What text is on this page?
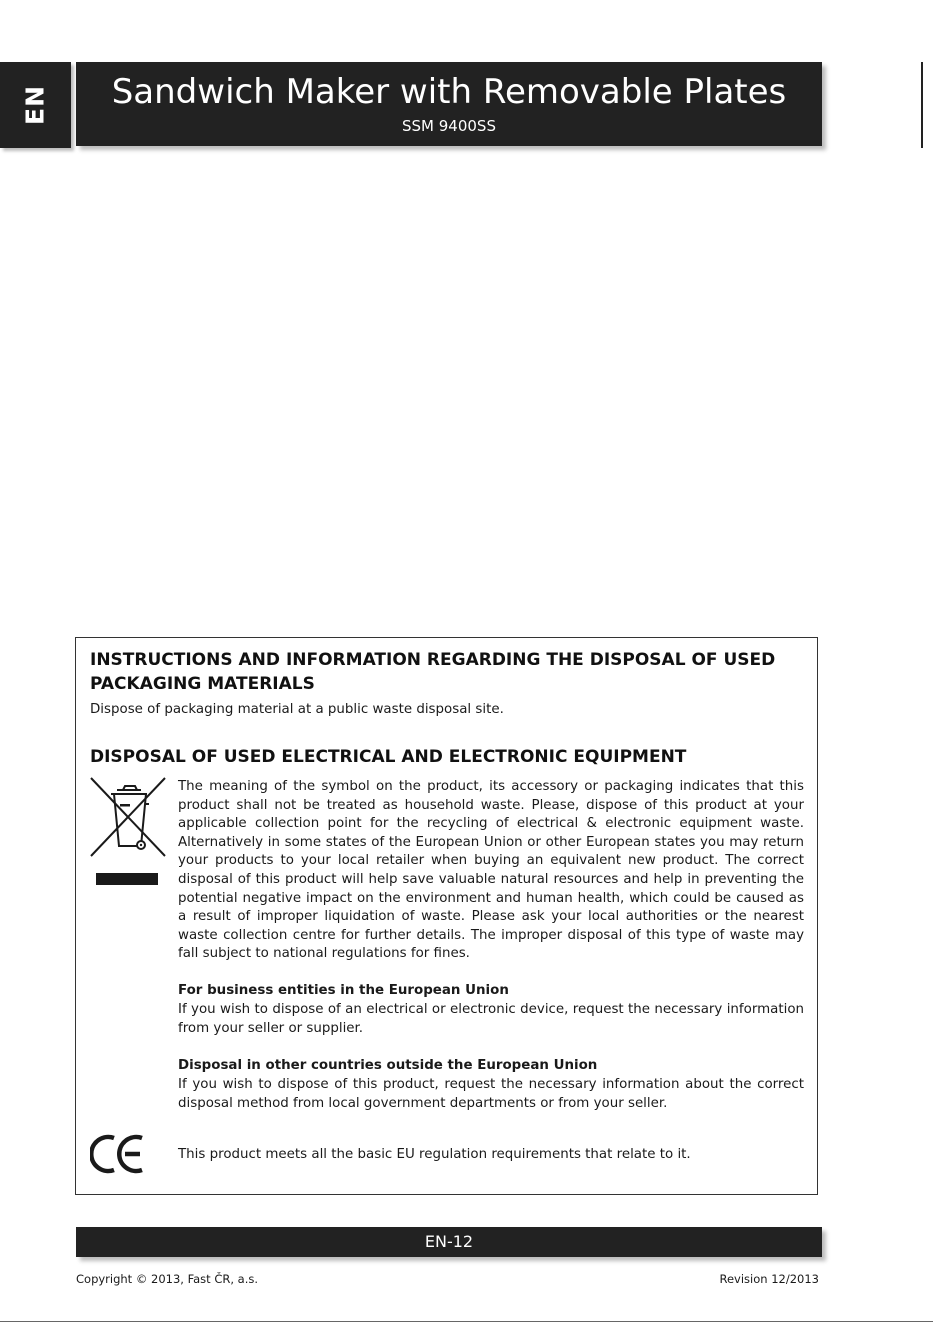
EN	Sandwich Maker with Removable Plates
SSM 9400SS
INSTRUCTIONS AND INFORMATION REGARDING THE DISPOSAL OF USED
PACKAGING MATERIALS
Dispose of packaging material at a public waste disposal site.
DISPOSAL OF USED ELECTRICAL AND ELECTRONIC EQUIPMENT
The meaning of the symbol on the product, its accessory or packaging indicates that this product shall not be treated as household waste. Please, dispose of this product at your applicable collection point for the recycling of electrical & electronic equipment waste. Alternatively in some states of the European Union or other European states you may return your products to your local retailer when buying an equivalent new product. The correct disposal of this product will help save valuable natural resources and help in preventing the potential negative impact on the environment and human health, which could be caused as a result of improper liquidation of waste. Please ask your local authorities or the nearest waste collection centre for further details. The improper disposal of this type of waste may fall subject to national regulations for fines.
For business entities in the European Union
If you wish to dispose of an electrical or electronic device, request the necessary information from your seller or supplier.
Disposal in other countries outside the European Union
If you wish to dispose of this product, request the necessary information about the correct disposal method from local government departments or from your seller.
This product meets all the basic EU regulation requirements that relate to it.
EN-12
Copyright © 2013, Fast ČR, a.s.	Revision 12/2013
